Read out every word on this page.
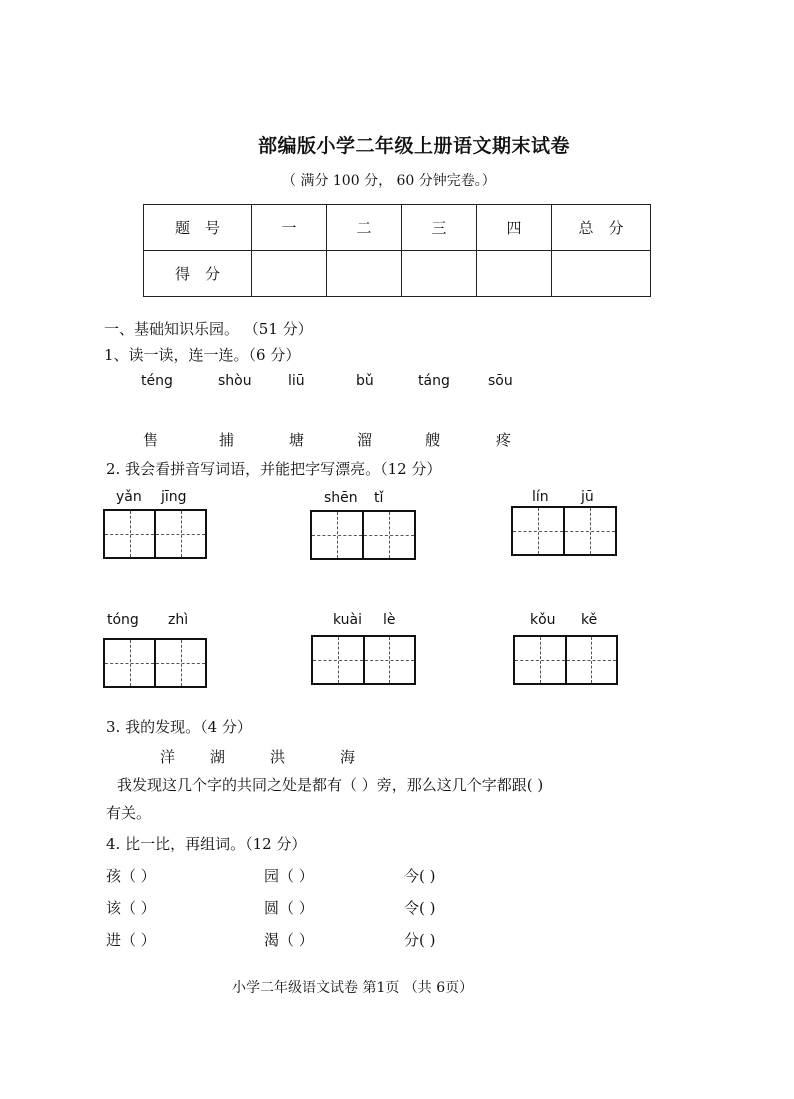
部编版小学二年级上册语文期末试卷
（ 满分 100 分， 60 分钟完卷。）
题　号	一	二	三	四	总　分
得　分					
一、基础知识乐园。 （51 分）
1、读一读，连一连。（6 分）
téng	shòu	liū	bǔ	táng	sōu
售	捕	塘	溜	艘	疼
2. 我会看拼音写词语，并能把字写漂亮。（12 分）
yǎn jīng	shēn tǐ	lín jū
tóng zhì	kuài lè	kǒu kě
3. 我的发现。（4 分）
洋 湖	洪	海
我发现这几个字的共同之处是都有（ ）旁，那么这几个字都跟( )
有关。
4. 比一比，再组词。（12 分）
孩（ ）	园（ ）	今( )
该（ ）	圆（ ）	令( )
进（ ）	渴（ ）	分( )
小学二年级语文试卷 第1页 （共 6页）
